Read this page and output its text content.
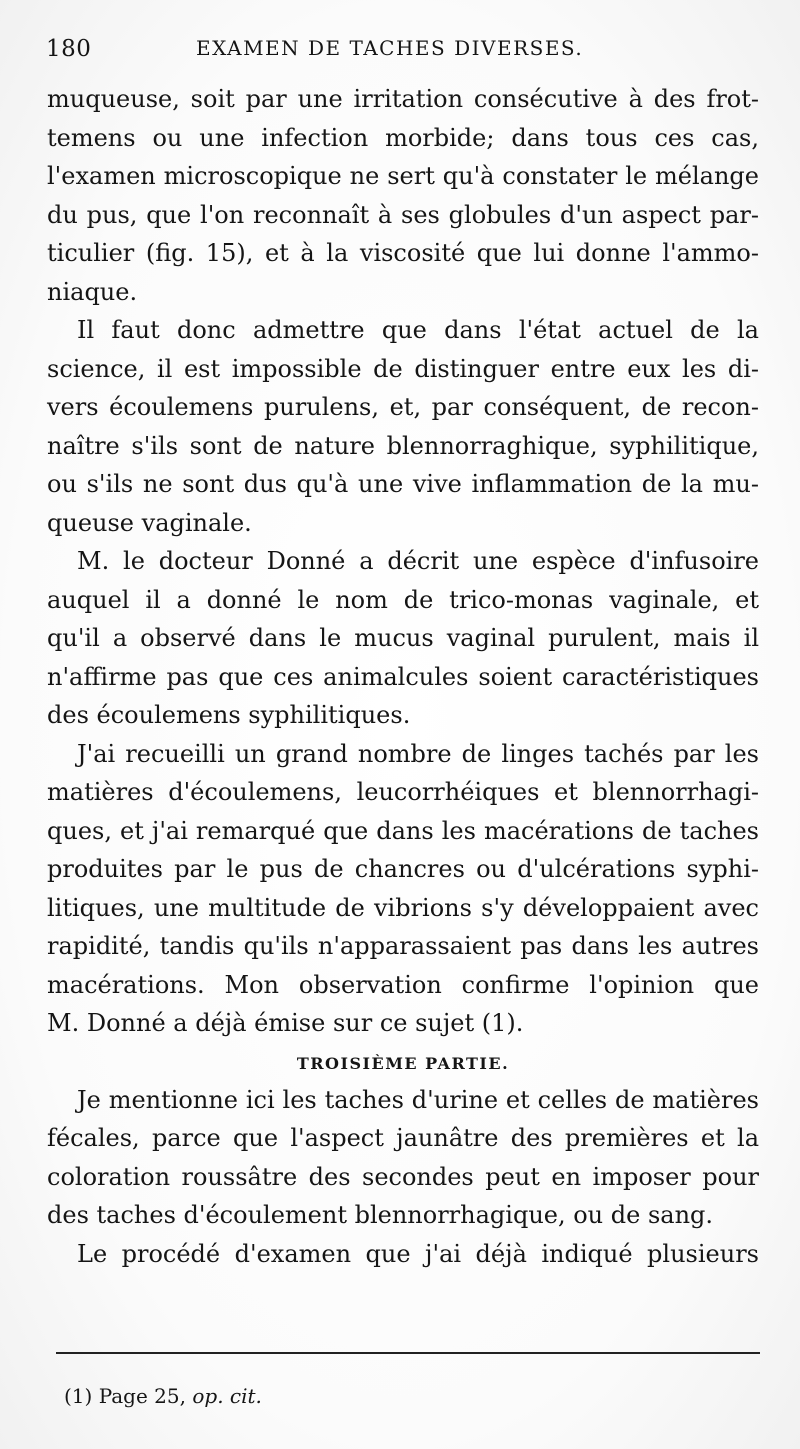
180	EXAMEN DE TACHES DIVERSES.
muqueuse, soit par une irritation consécutive à des frot-
temens ou une infection morbide; dans tous ces cas,
l'examen microscopique ne sert qu'à constater le mélange
du pus, que l'on reconnaît à ses globules d'un aspect par-
ticulier (fig. 15), et à la viscosité que lui donne l'ammo-
niaque.
Il faut donc admettre que dans l'état actuel de la
science, il est impossible de distinguer entre eux les di-
vers écoulemens purulens, et, par conséquent, de recon-
naître s'ils sont de nature blennorraghique, syphilitique,
ou s'ils ne sont dus qu'à une vive inflammation de la mu-
queuse vaginale.
M. le docteur Donné a décrit une espèce d'infusoire
auquel il a donné le nom de trico-monas vaginale, et
qu'il a observé dans le mucus vaginal purulent, mais il
n'affirme pas que ces animalcules soient caractéristiques
des écoulemens syphilitiques.
J'ai recueilli un grand nombre de linges tachés par les
matières d'écoulemens, leucorrhéiques et blennorrhagi-
ques, et j'ai remarqué que dans les macérations de taches
produites par le pus de chancres ou d'ulcérations syphi-
litiques, une multitude de vibrions s'y développaient avec
rapidité, tandis qu'ils n'apparassaient pas dans les autres
macérations. Mon observation confirme l'opinion que
M. Donné a déjà émise sur ce sujet (1).
TROISIÈME PARTIE.
Je mentionne ici les taches d'urine et celles de matières
fécales, parce que l'aspect jaunâtre des premières et la
coloration roussâtre des secondes peut en imposer pour
des taches d'écoulement blennorrhagique, ou de sang.
Le procédé d'examen que j'ai déjà indiqué plusieurs
(1) Page 25, op. cit.
